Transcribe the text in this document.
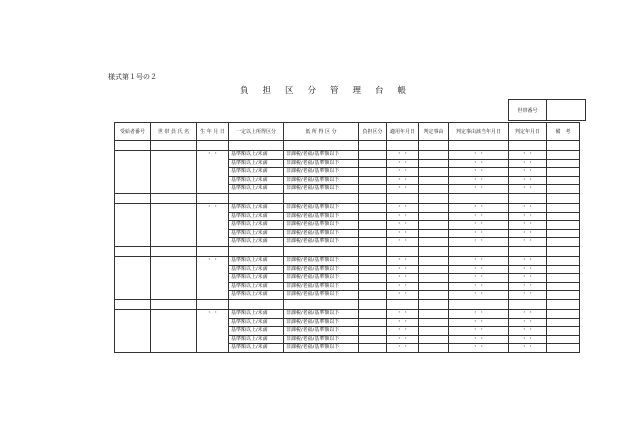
様式第１号の２
負担区分管理台帳
世帯番号	
受給者番号	世 帯 員 氏 名	生 年 月 日	一定以上所得区分	低 所 得 区 分	負担区分	適用年月日	判定事由	判定事由該当年月日	判定年月日	備　考

		・ ・	基準額以上/未満	非課税/老福/基準額以下		・ ・		・ ・	・ ・	
			基準額以上/未満	非課税/老福/基準額以下		・ ・		・ ・	・ ・	
			基準額以上/未満	非課税/老福/基準額以下		・ ・		・ ・	・ ・	
			基準額以上/未満	非課税/老福/基準額以下		・ ・		・ ・	・ ・	
			基準額以上/未満	非課税/老福/基準額以下		・ ・		・ ・	・ ・	

		・ ・	基準額以上/未満	非課税/老福/基準額以下		・ ・		・ ・	・ ・	
			基準額以上/未満	非課税/老福/基準額以下		・ ・		・ ・	・ ・	
			基準額以上/未満	非課税/老福/基準額以下		・ ・		・ ・	・ ・	
			基準額以上/未満	非課税/老福/基準額以下		・ ・		・ ・	・ ・	
			基準額以上/未満	非課税/老福/基準額以下		・ ・		・ ・	・ ・	

		・ ・	基準額以上/未満	非課税/老福/基準額以下		・ ・		・ ・	・ ・	
			基準額以上/未満	非課税/老福/基準額以下		・ ・		・ ・	・ ・	
			基準額以上/未満	非課税/老福/基準額以下		・ ・		・ ・	・ ・	
			基準額以上/未満	非課税/老福/基準額以下		・ ・		・ ・	・ ・	
			基準額以上/未満	非課税/老福/基準額以下		・ ・		・ ・	・ ・	

		・ ・	基準額以上/未満	非課税/老福/基準額以下		・ ・		・ ・	・ ・	
			基準額以上/未満	非課税/老福/基準額以下		・ ・		・ ・	・ ・	
			基準額以上/未満	非課税/老福/基準額以下		・ ・		・ ・	・ ・	
			基準額以上/未満	非課税/老福/基準額以下		・ ・		・ ・	・ ・	
			基準額以上/未満	非課税/老福/基準額以下		・ ・		・ ・	・ ・	
